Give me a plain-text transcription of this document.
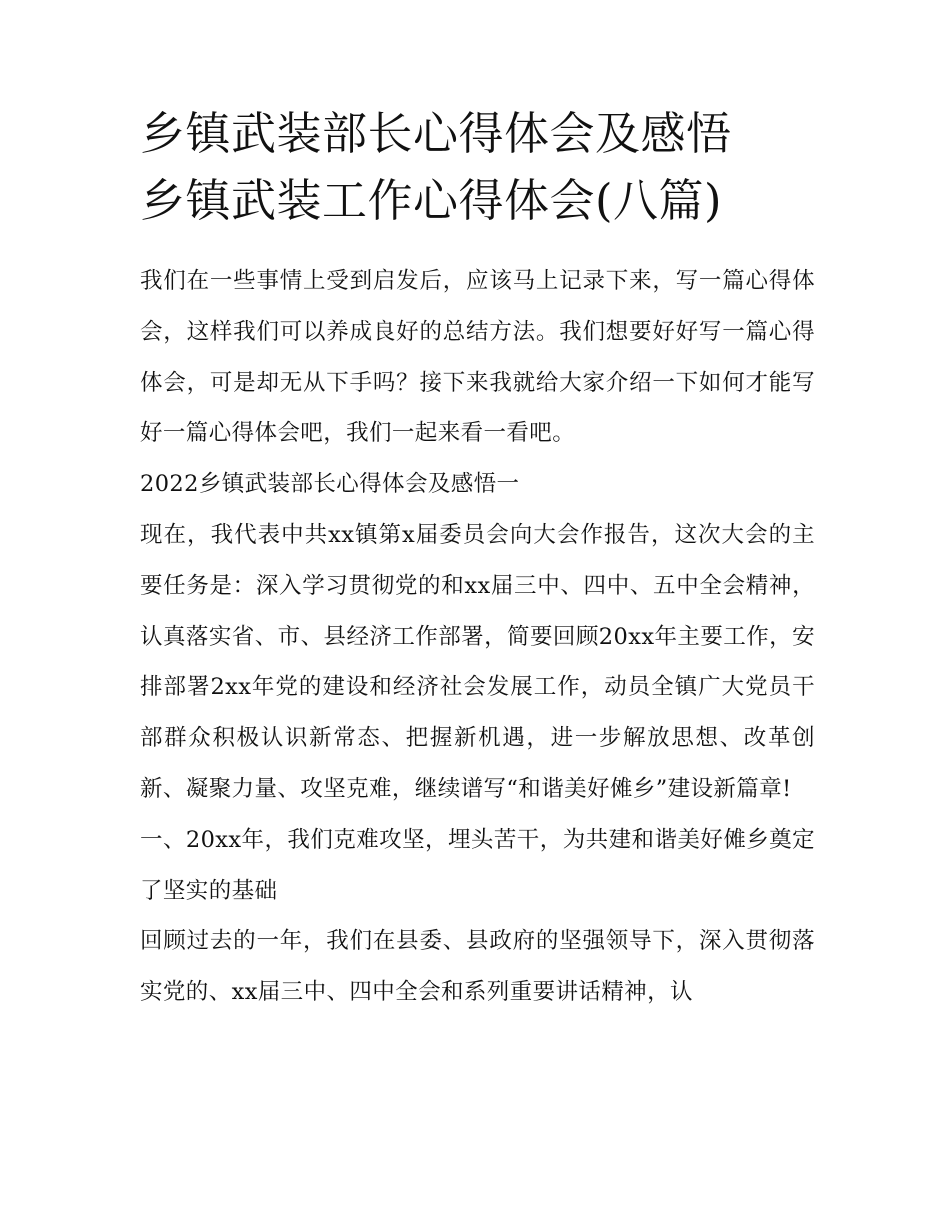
乡镇武装部长心得体会及感悟
乡镇武装工作心得体会(八篇)

我们在一些事情上受到启发后，应该马上记录下来，写一篇心得体会，这样我们可以养成良好的总结方法。我们想要好好写一篇心得体会，可是却无从下手吗？接下来我就给大家介绍一下如何才能写好一篇心得体会吧，我们一起来看一看吧。

2022乡镇武装部长心得体会及感悟一

现在，我代表中共xx镇第x届委员会向大会作报告，这次大会的主要任务是：深入学习贯彻党的和xx届三中、四中、五中全会精神，认真落实省、市、县经济工作部署，简要回顾20xx年主要工作，安排部署2xx年党的建设和经济社会发展工作，动员全镇广大党员干部群众积极认识新常态、把握新机遇，进一步解放思想、改革创新、凝聚力量、攻坚克难，继续谱写“和谐美好傩乡”建设新篇章!

一、20xx年，我们克难攻坚，埋头苦干，为共建和谐美好傩乡奠定了坚实的基础

回顾过去的一年，我们在县委、县政府的坚强领导下，深入贯彻落实党的、xx届三中、四中全会和系列重要讲话精神，认
